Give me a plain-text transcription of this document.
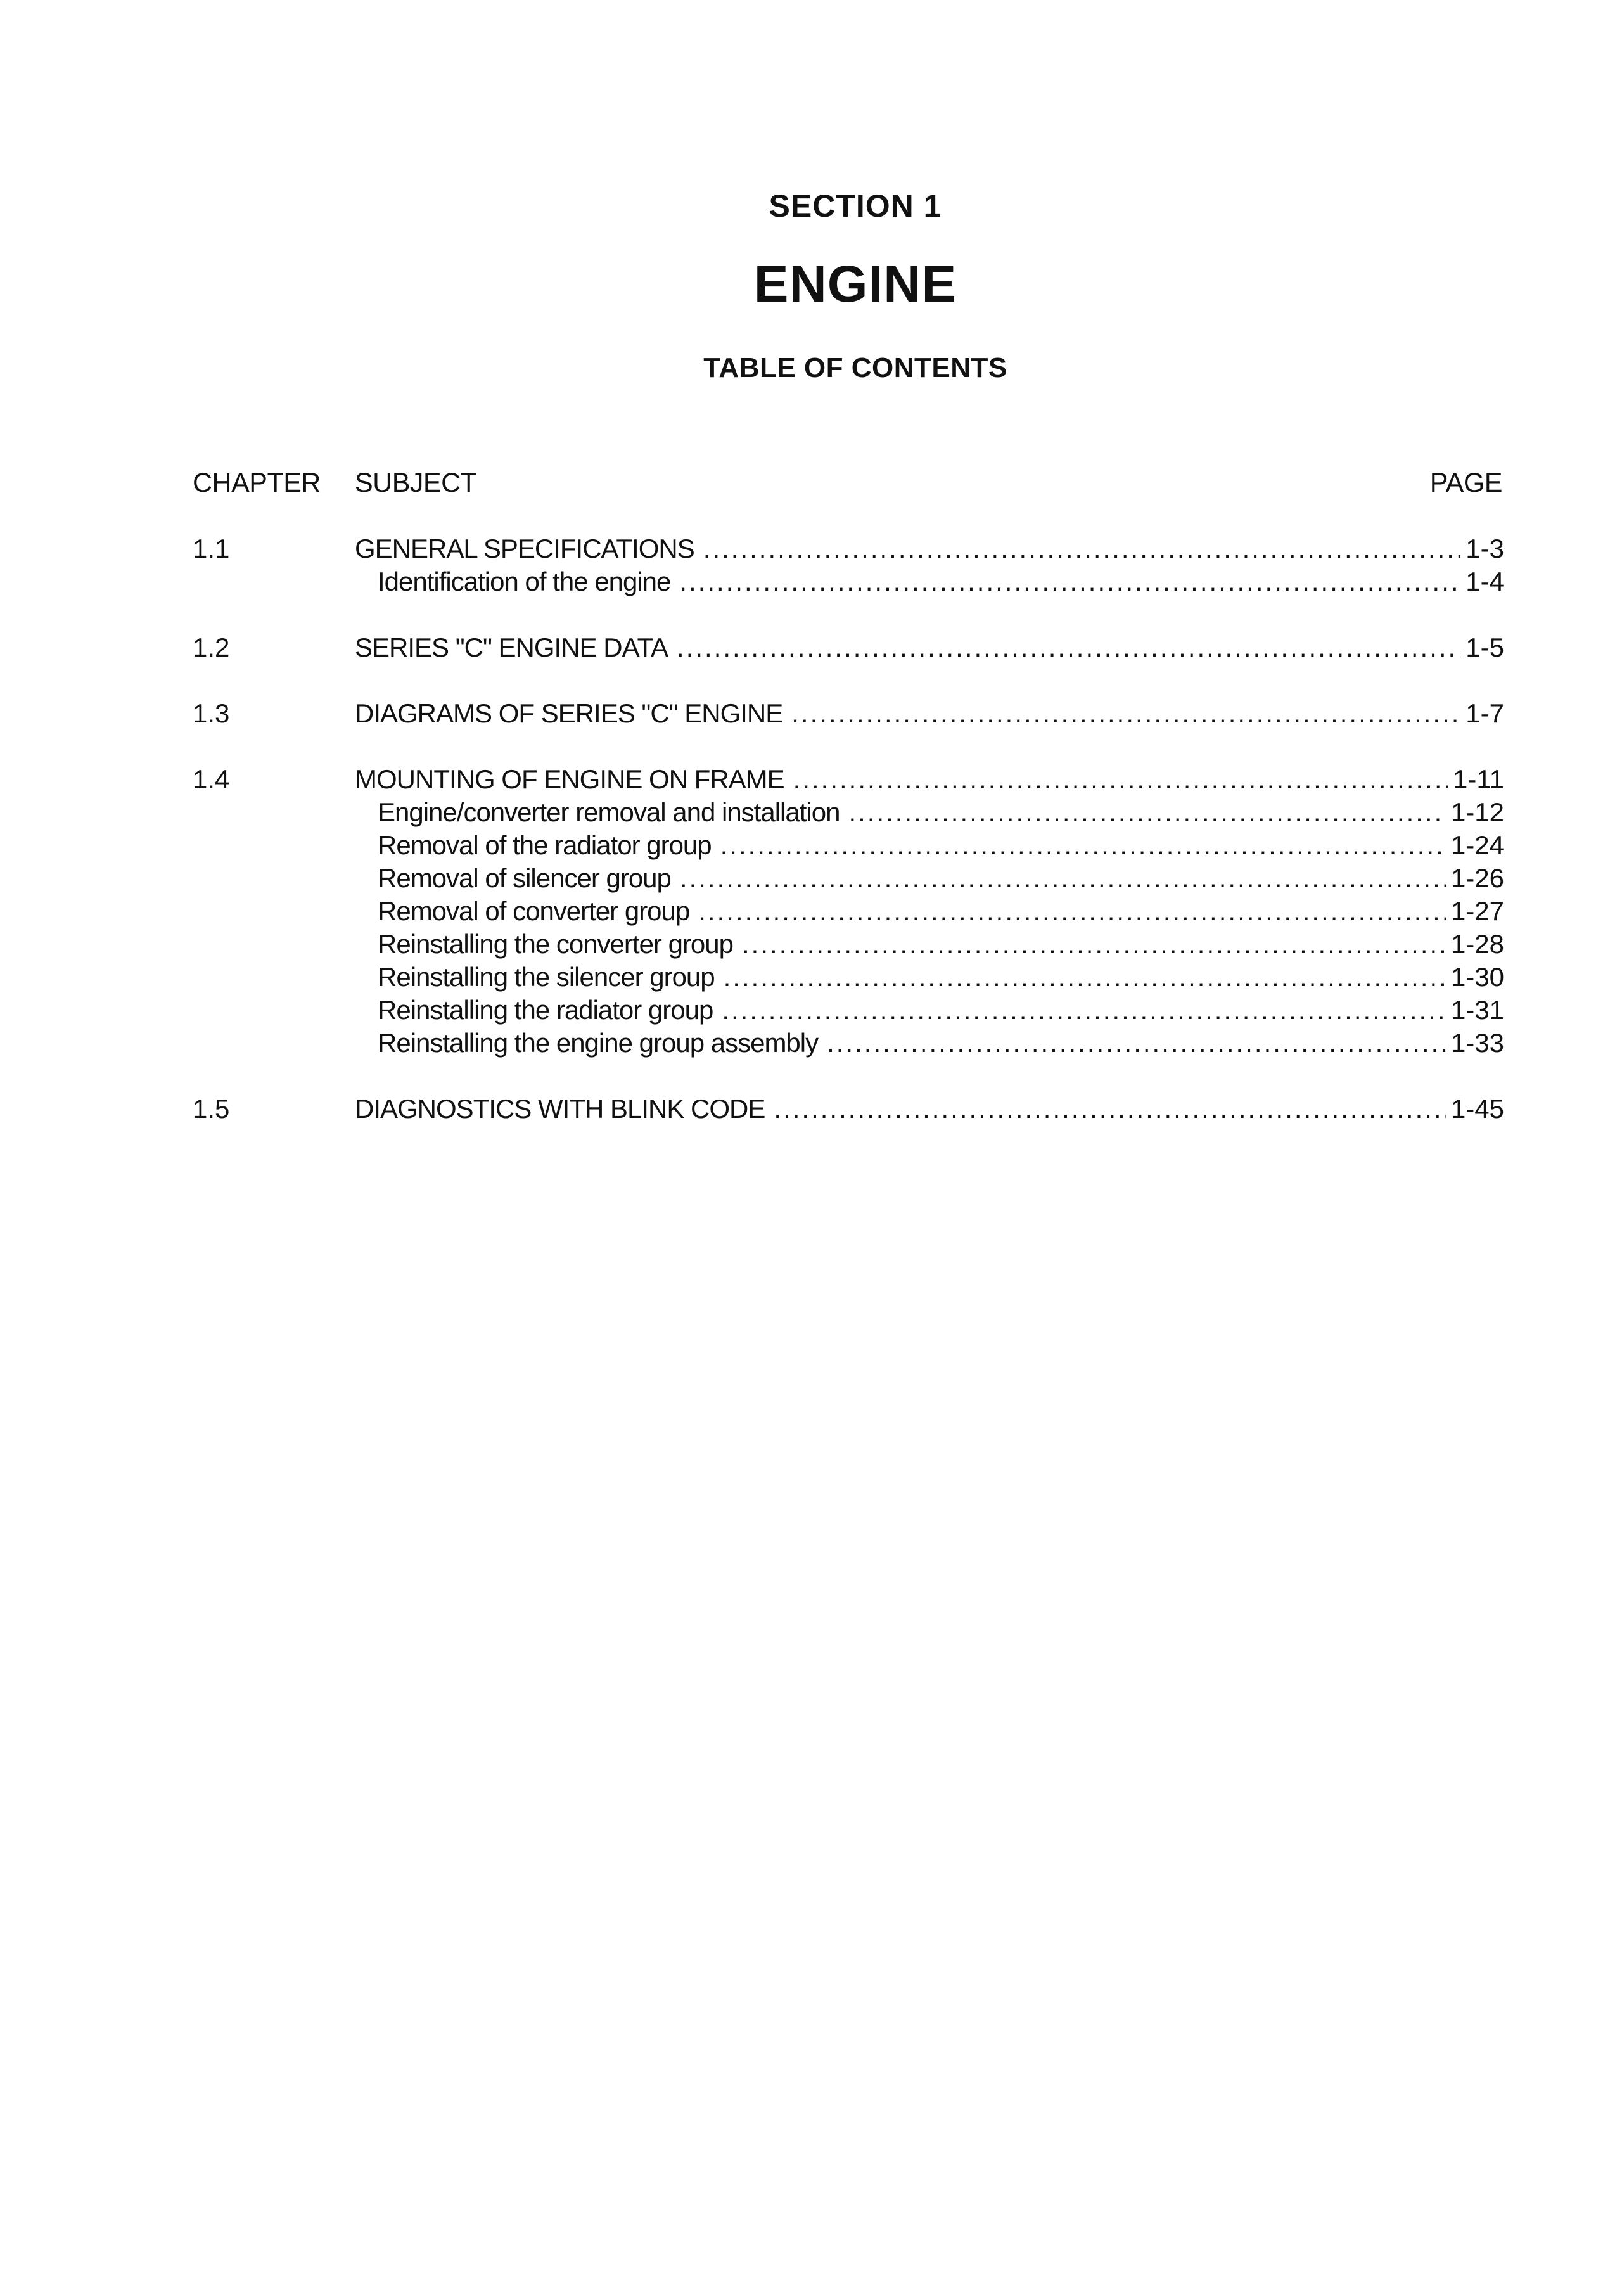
SECTION 1
ENGINE
TABLE OF CONTENTS
CHAPTER SUBJECT	PAGE
1.1	GENERAL SPECIFICATIONS .....	1-3
Identification of the engine .....	1-4
1.2	SERIES "C" ENGINE DATA .....	1-5
1.3	DIAGRAMS OF SERIES "C" ENGINE .....	1-7
1.4	MOUNTING OF ENGINE ON FRAME .....	1-11
Engine/converter removal and installation .....	1-12
Removal of the radiator group .....	1-24
Removal of silencer group .....	1-26
Removal of converter group .....	1-27
Reinstalling the converter group .....	1-28
Reinstalling the silencer group .....	1-30
Reinstalling the radiator group .....	1-31
Reinstalling the engine group assembly .....	1-33
1.5	DIAGNOSTICS WITH BLINK CODE .....	1-45
